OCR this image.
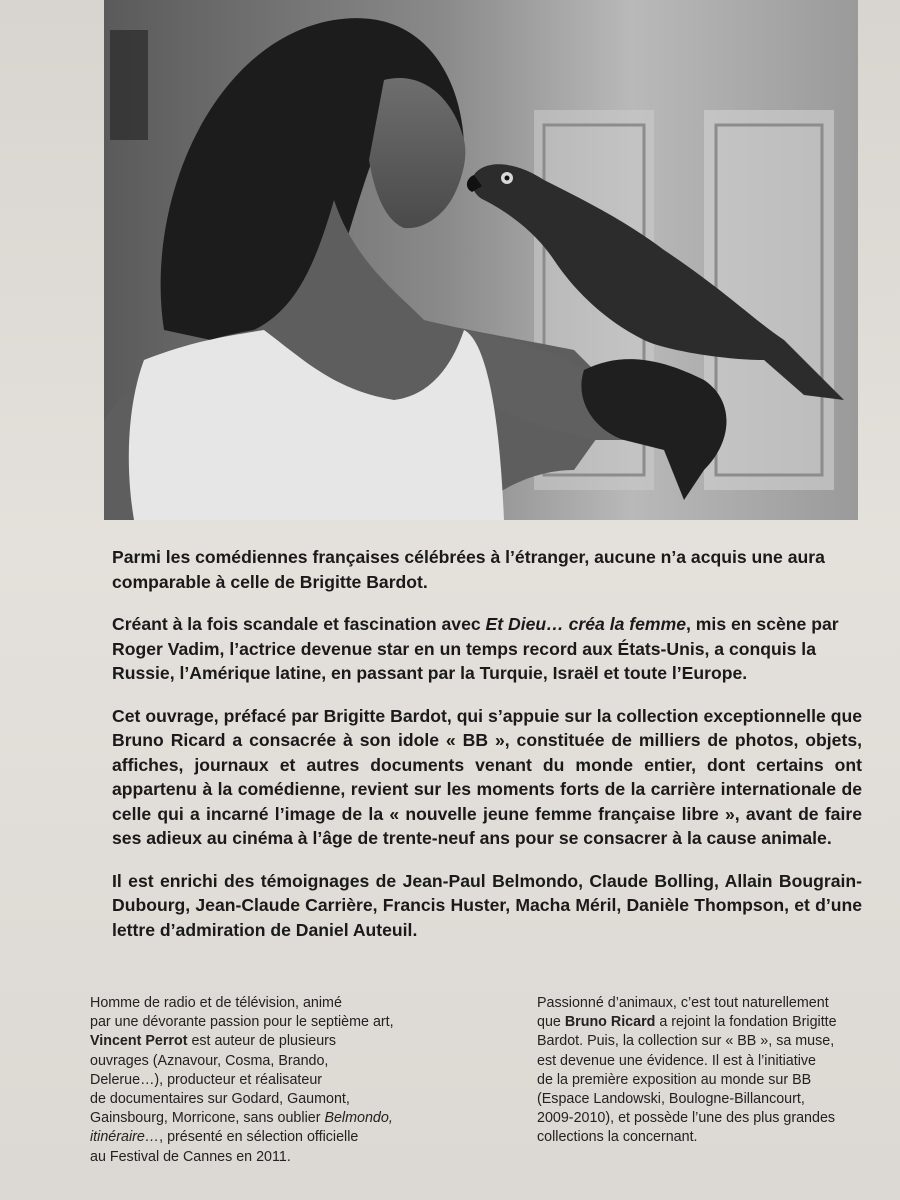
Parmi les comédiennes françaises célébrées à l’étranger, aucune n’a acquis une aura comparable à celle de Brigitte Bardot.

Créant à la fois scandale et fascination avec Et Dieu… créa la femme, mis en scène par Roger Vadim, l’actrice devenue star en un temps record aux États-Unis, a conquis la Russie, l’Amérique latine, en passant par la Turquie, Israël et toute l’Europe.

Cet ouvrage, préfacé par Brigitte Bardot, qui s’appuie sur la collection exceptionnelle que Bruno Ricard a consacrée à son idole « BB », constituée de milliers de photos, objets, affiches, journaux et autres documents venant du monde entier, dont certains ont appartenu à la comédienne, revient sur les moments forts de la carrière internationale de celle qui a incarné l’image de la « nouvelle jeune femme française libre », avant de faire ses adieux au cinéma à l’âge de trente-neuf ans pour se consacrer à la cause animale.

Il est enrichi des témoignages de Jean-Paul Belmondo, Claude Bolling, Allain Bougrain-Dubourg, Jean-Claude Carrière, Francis Huster, Macha Méril, Danièle Thompson, et d’une lettre d’admiration de Daniel Auteuil.

Homme de radio et de télévision, animé
par une dévorante passion pour le septième art,
Vincent Perrot est auteur de plusieurs
ouvrages (Aznavour, Cosma, Brando,
Delerue…), producteur et réalisateur
de documentaires sur Godard, Gaumont,
Gainsbourg, Morricone, sans oublier Belmondo,
itinéraire…, présenté en sélection officielle
au Festival de Cannes en 2011.
Passionné d’animaux, c’est tout naturellement
que Bruno Ricard a rejoint la fondation Brigitte
Bardot. Puis, la collection sur « BB », sa muse,
est devenue une évidence. Il est à l’initiative
de la première exposition au monde sur BB
(Espace Landowski, Boulogne-Billancourt,
2009-2010), et possède l’une des plus grandes
collections la concernant.
